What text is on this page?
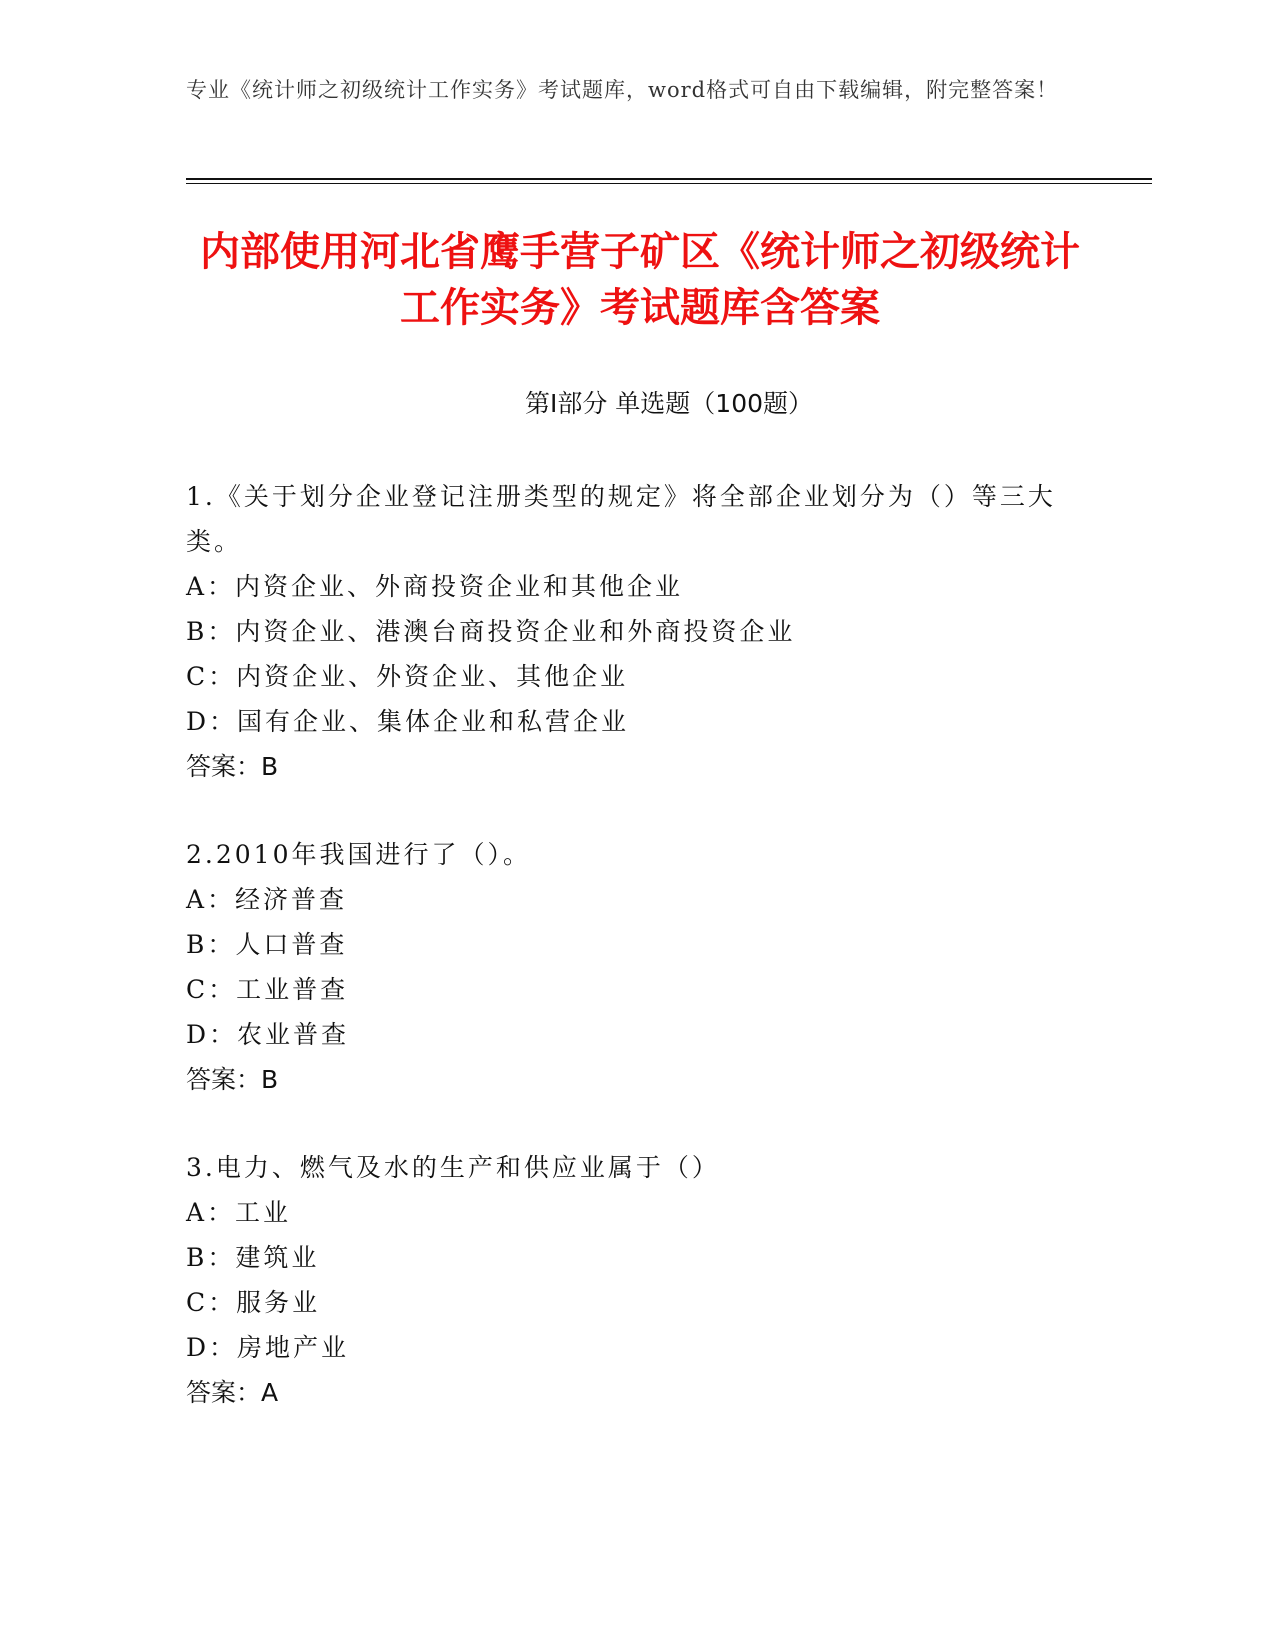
专业《统计师之初级统计工作实务》考试题库，word格式可自由下载编辑，附完整答案！
内部使用河北省鹰手营子矿区《统计师之初级统计工作实务》考试题库含答案
第Ⅰ部分 单选题（100题）
1.《关于划分企业登记注册类型的规定》将全部企业划分为（）等三大类。
A：内资企业、外商投资企业和其他企业
B：内资企业、港澳台商投资企业和外商投资企业
C：内资企业、外资企业、其他企业
D：国有企业、集体企业和私营企业
答案：B
2.2010年我国进行了（）。
A：经济普查
B：人口普查
C：工业普查
D：农业普查
答案：B
3.电力、燃气及水的生产和供应业属于（）
A：工业
B：建筑业
C：服务业
D：房地产业
答案：A
